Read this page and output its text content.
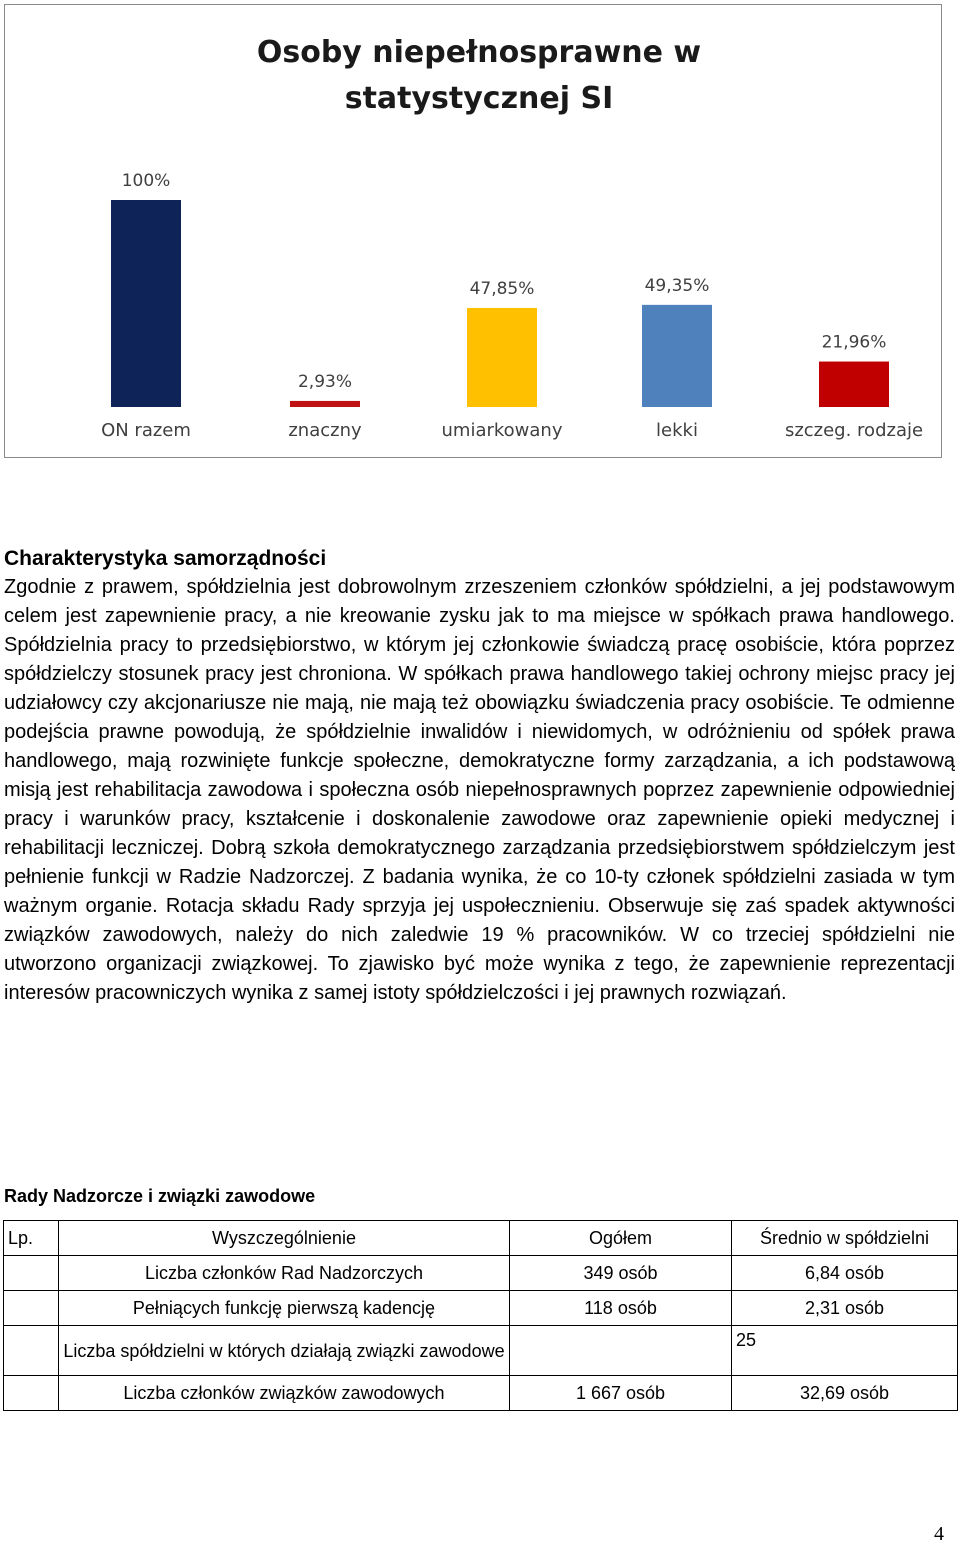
Osoby niepełnosprawne w
statystycznej SI
100%
ON razem
2,93%
znaczny
47,85%
umiarkowany
49,35%
lekki
21,96%
szczeg. rodzaje
Charakterystyka samorządności

Zgodnie z prawem, spółdzielnia jest dobrowolnym zrzeszeniem członków spółdzielni, a jej podstawowym celem jest zapewnienie pracy, a nie kreowanie zysku jak to ma miejsce w spółkach prawa handlowego. Spółdzielnia pracy to przedsiębiorstwo, w którym jej członkowie świadczą pracę osobiście, która poprzez spółdzielczy stosunek pracy jest chroniona. W spółkach prawa handlowego takiej ochrony miejsc pracy jej udziałowcy czy akcjonariusze nie mają, nie mają też obowiązku świadczenia pracy osobiście. Te odmienne podejścia prawne powodują, że spółdzielnie inwalidów i niewidomych, w odróżnieniu od spółek prawa handlowego, mają rozwinięte funkcje społeczne, demokratyczne formy zarządzania, a ich podstawową misją jest rehabilitacja zawodowa i społeczna osób niepełnosprawnych poprzez zapewnienie odpowiedniej pracy i warunków pracy, kształcenie i doskonalenie zawodowe oraz zapewnienie opieki medycznej i rehabilitacji leczniczej. Dobrą szkoła demokratycznego zarządzania przedsiębiorstwem spółdzielczym jest pełnienie funkcji w Radzie Nadzorczej. Z badania wynika, że co 10-ty członek spółdzielni zasiada w tym ważnym organie. Rotacja składu Rady sprzyja jej uspołecznieniu. Obserwuje się zaś spadek aktywności związków zawodowych, należy do nich zaledwie 19 % pracowników. W co trzeciej spółdzielni nie utworzono organizacji związkowej. To zjawisko być może wynika z tego, że zapewnienie reprezentacji interesów pracowniczych wynika z samej istoty spółdzielczości i jej prawnych rozwiązań.

Rady Nadzorcze i związki zawodowe

Lp.	Wyszczególnienie	Ogółem	Średnio w spółdzielni
	Liczba członków Rad Nadzorczych	349 osób	6,84 osób
	Pełniących funkcję pierwszą kadencję	118 osób	2,31 osób
	Liczba spółdzielni w których działają związki zawodowe		25
	Liczba członków związków zawodowych	1 667 osób	32,69 osób

4
